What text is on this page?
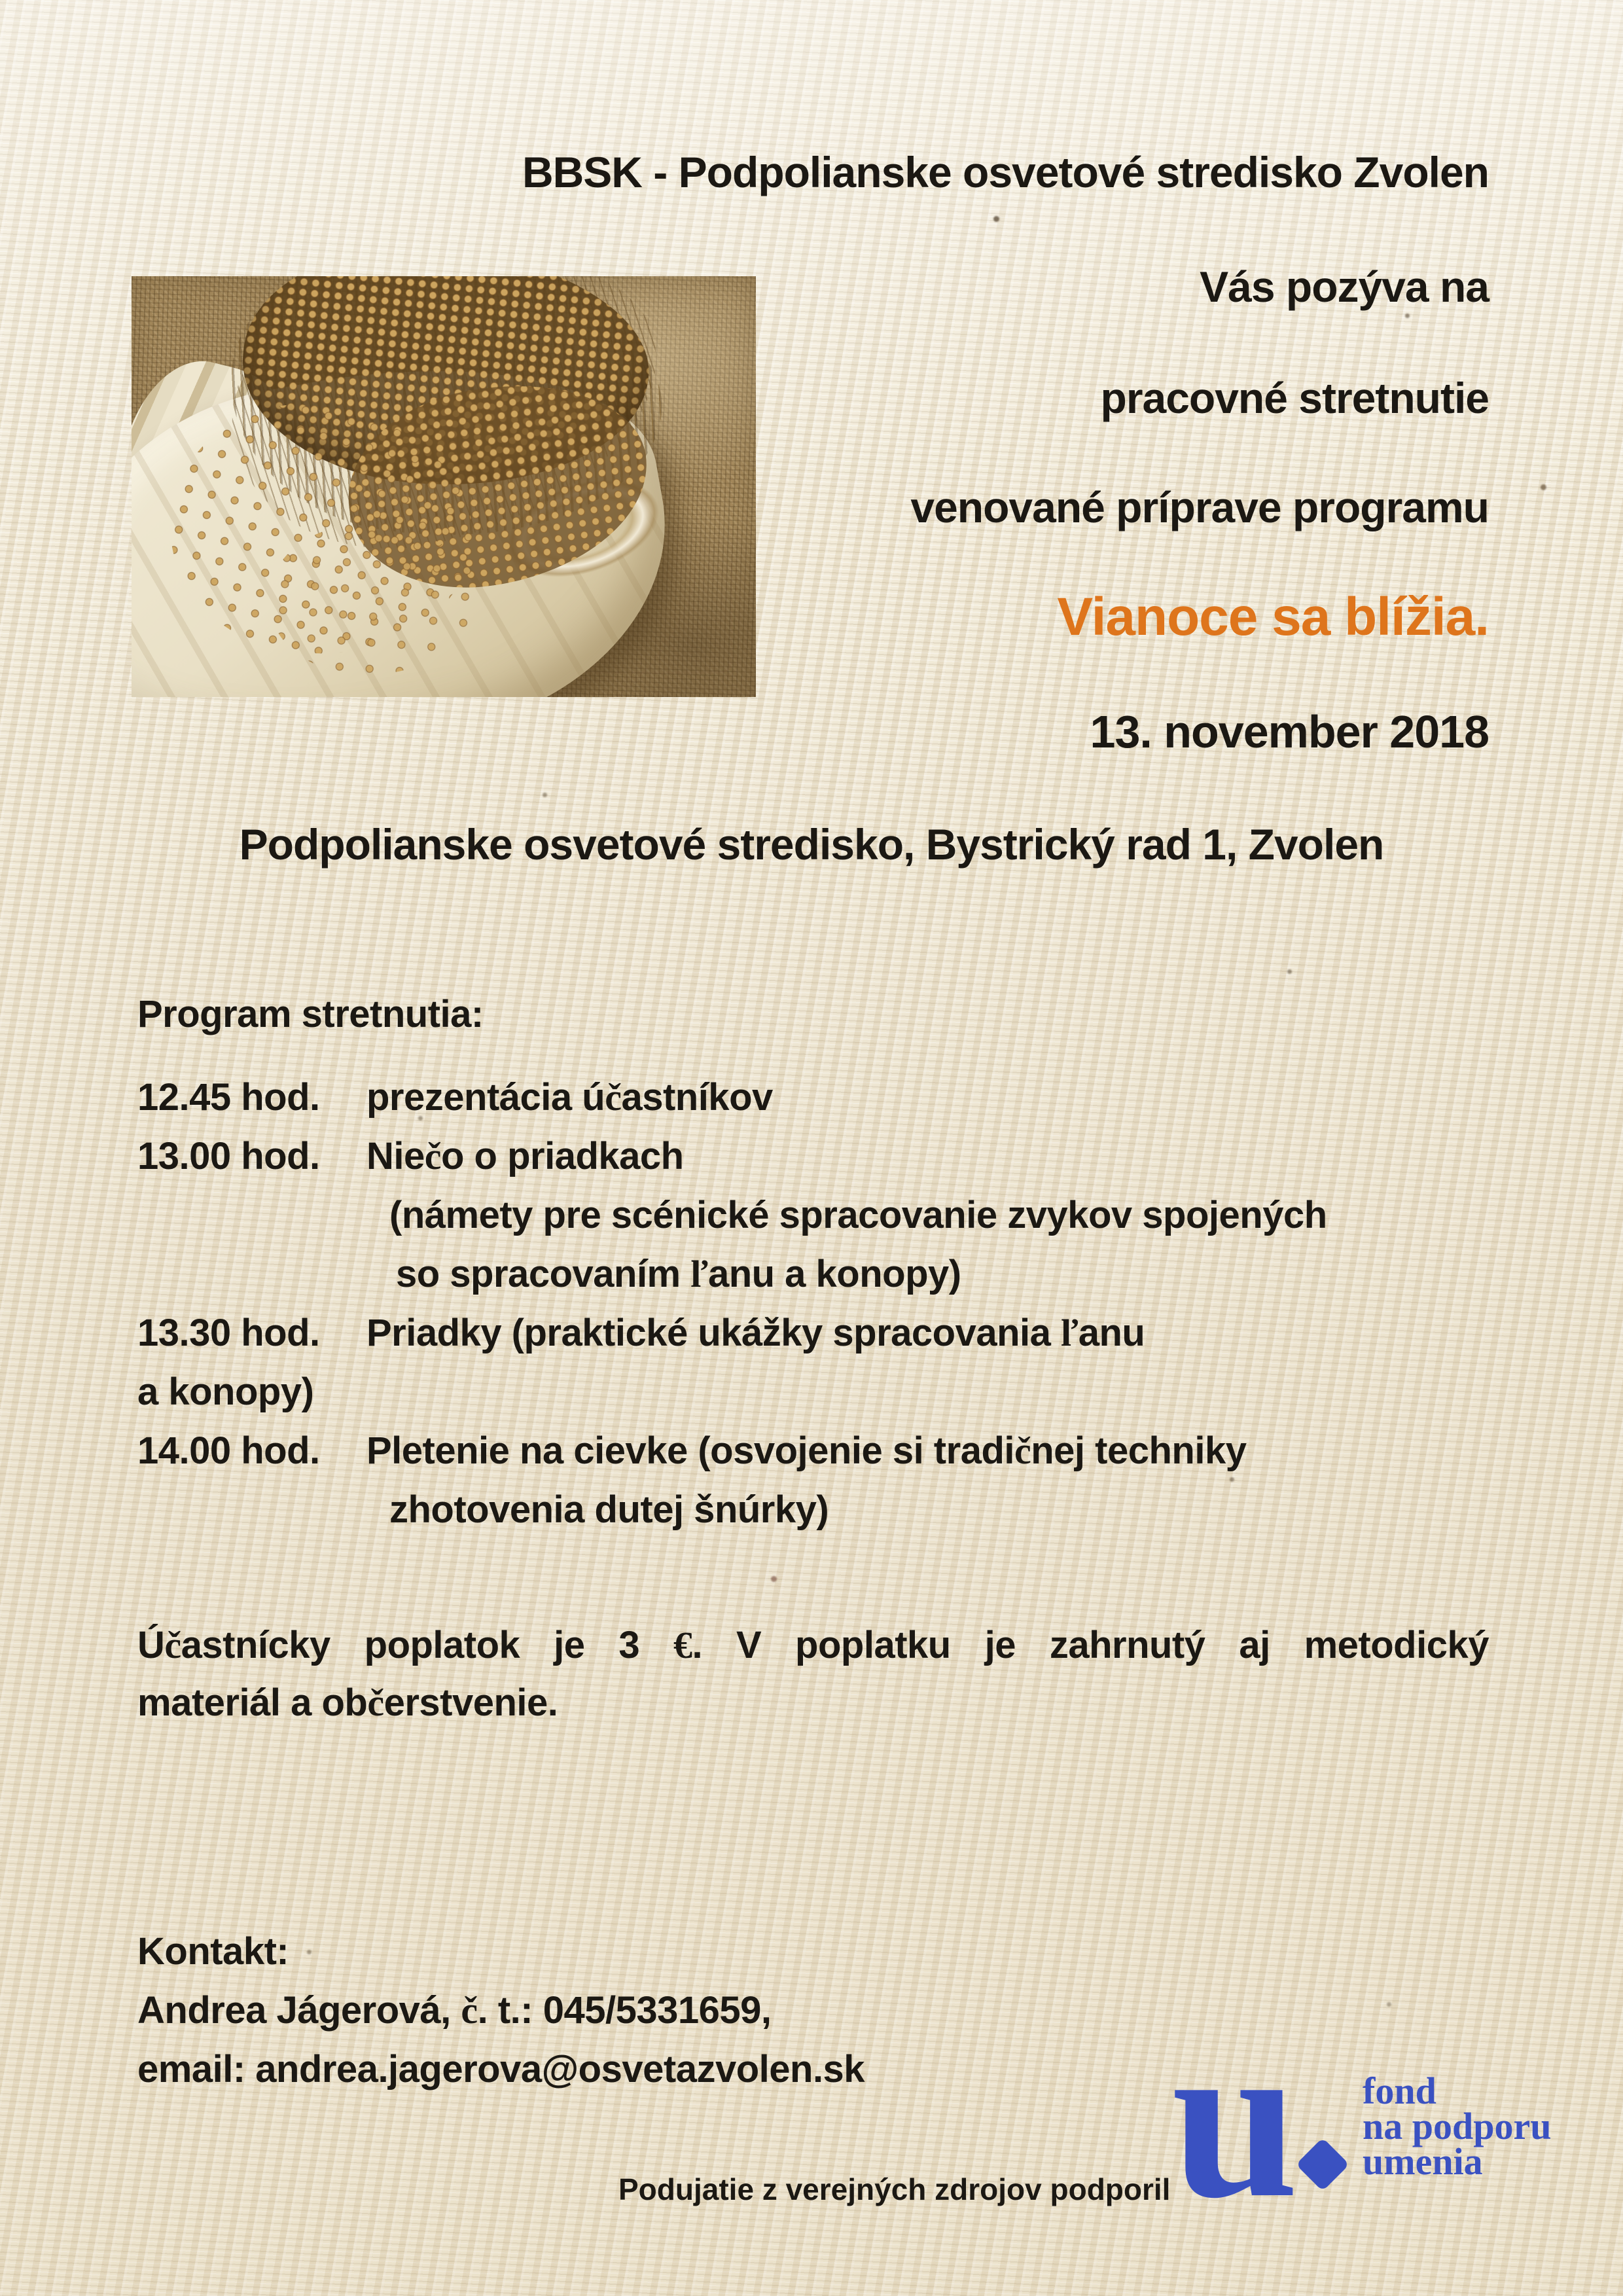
BBSK - Podpolianske osvetové stredisko Zvolen
Vás pozýva na
pracovné stretnutie
venované príprave programu
Vianoce sa blížia.
13. november 2018
Podpolianske osvetové stredisko, Bystrický rad 1, Zvolen
Program stretnutia:
12.45 hod. prezentácia účastníkov
13.00 hod. Niečo o priadkach
(námety pre scénické spracovanie zvykov spojených
so spracovaním ľanu a konopy)
13.30 hod. Priadky (praktické ukážky spracovania ľanu
a konopy)
14.00 hod. Pletenie na cievke (osvojenie si tradičnej techniky
zhotovenia dutej šnúrky)
Účastnícky poplatok je 3 €. V poplatku je zahrnutý aj metodický
materiál a občerstvenie.
Kontakt:
Andrea Jágerová, č. t.: 045/5331659,
email: andrea.jagerova@osvetazvolen.sk
Podujatie z verejných zdrojov podporil u fond
na podporu
umenia
